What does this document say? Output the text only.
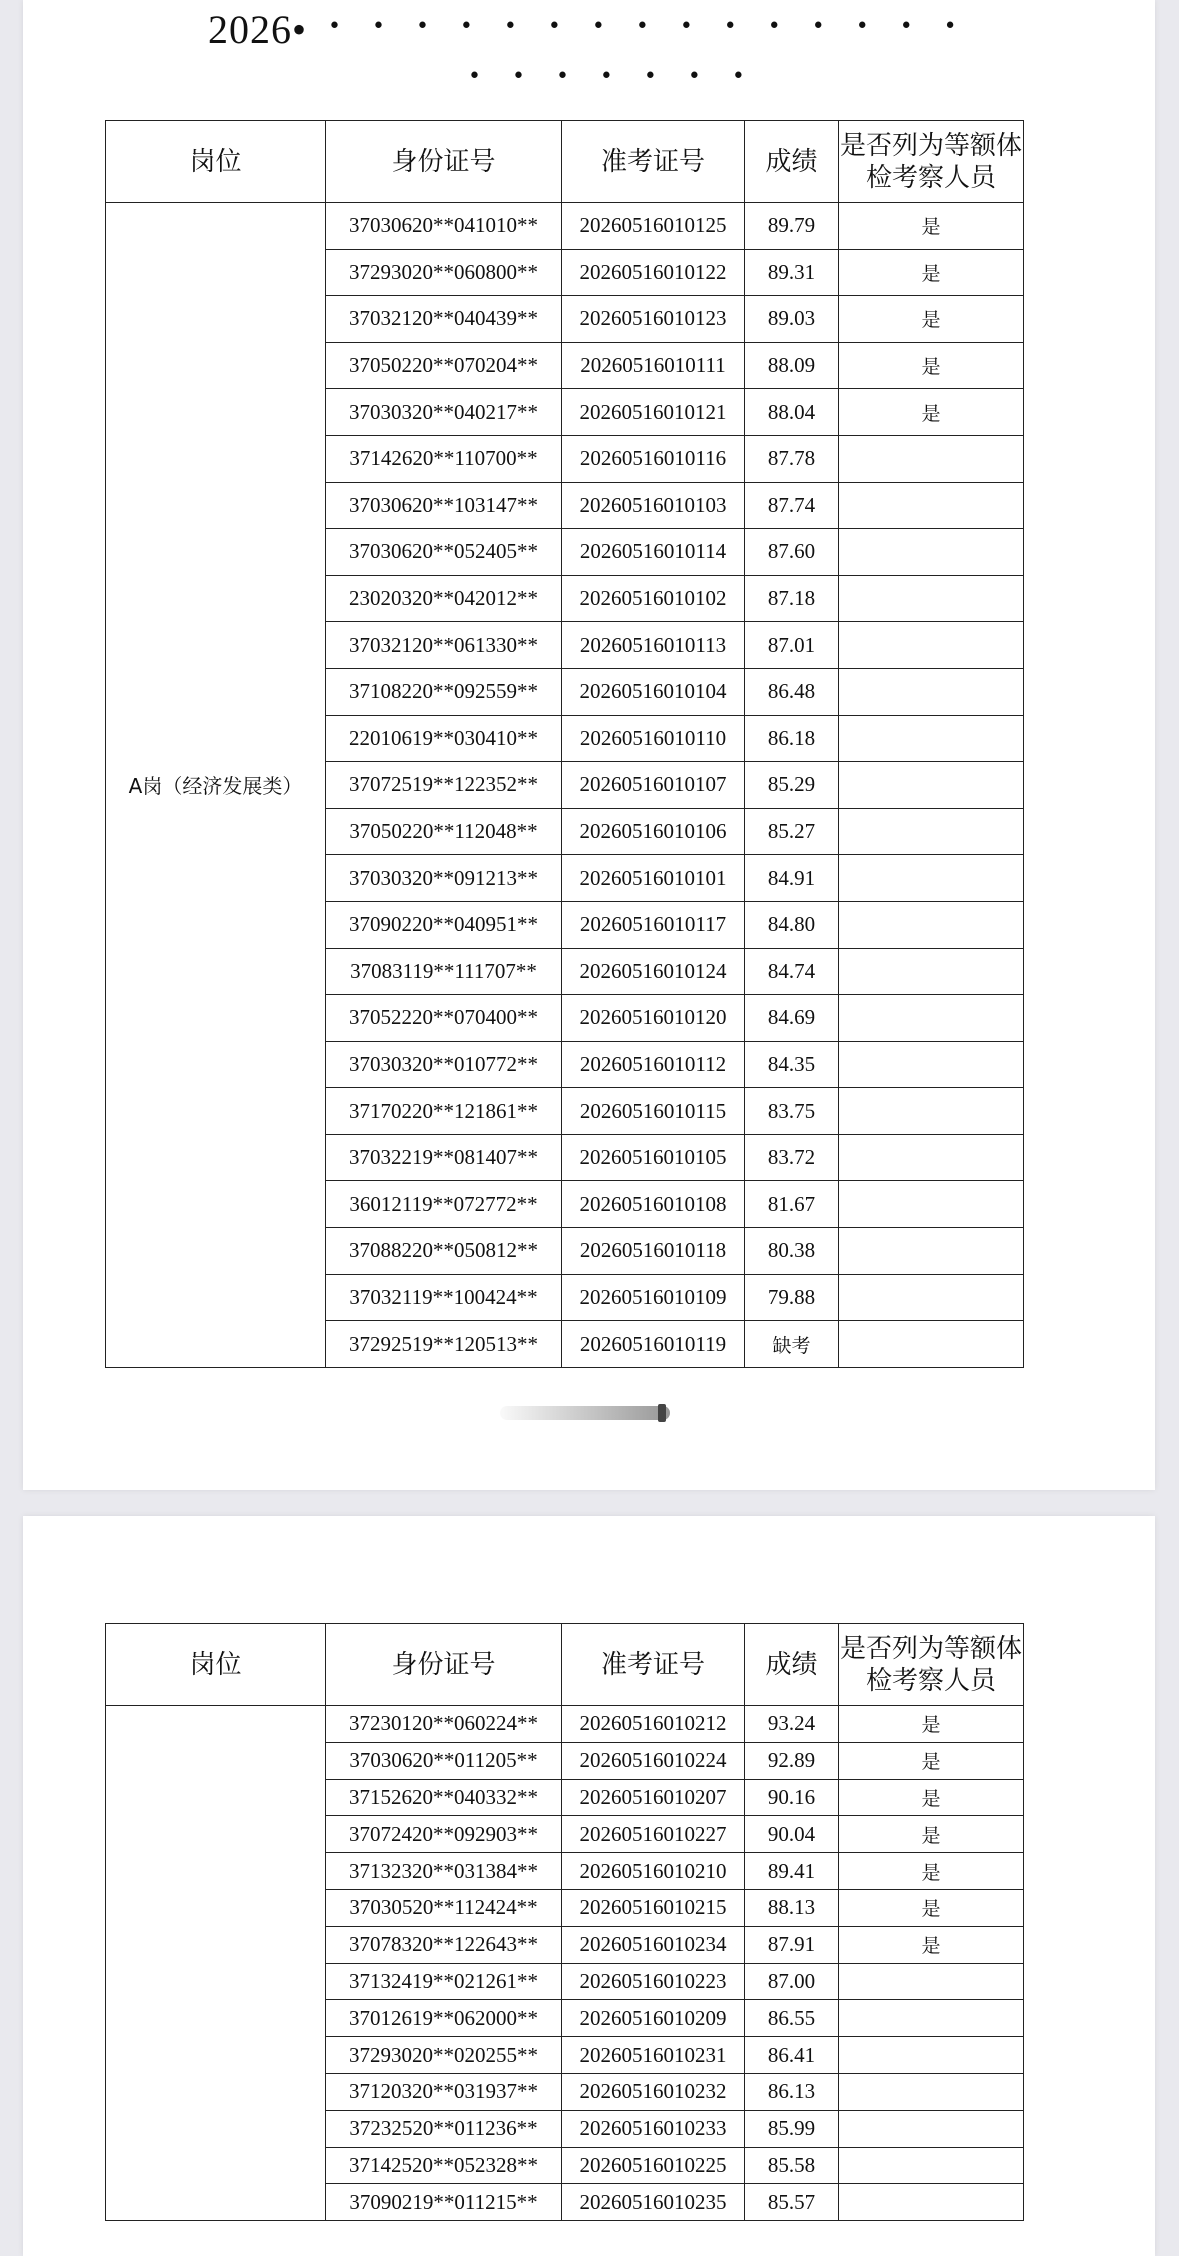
2026• •••••••••••••••
•••••••
岗位	身份证号	准考证号	成绩	是否列为等额体检考察人员
A岗（经济发展类）	37030620**041010**	20260516010125	89.79	是
	37293020**060800**	20260516010122	89.31	是
	37032120**040439**	20260516010123	89.03	是
	37050220**070204**	20260516010111	88.09	是
	37030320**040217**	20260516010121	88.04	是
	37142620**110700**	20260516010116	87.78	
	37030620**103147**	20260516010103	87.74	
	37030620**052405**	20260516010114	87.60	
	23020320**042012**	20260516010102	87.18	
	37032120**061330**	20260516010113	87.01	
	37108220**092559**	20260516010104	86.48	
	22010619**030410**	20260516010110	86.18	
	37072519**122352**	20260516010107	85.29	
	37050220**112048**	20260516010106	85.27	
	37030320**091213**	20260516010101	84.91	
	37090220**040951**	20260516010117	84.80	
	37083119**111707**	20260516010124	84.74	
	37052220**070400**	20260516010120	84.69	
	37030320**010772**	20260516010112	84.35	
	37170220**121861**	20260516010115	83.75	
	37032219**081407**	20260516010105	83.72	
	36012119**072772**	20260516010108	81.67	
	37088220**050812**	20260516010118	80.38	
	37032119**100424**	20260516010109	79.88	
	37292519**120513**	20260516010119	缺考	
岗位	身份证号	准考证号	成绩	是否列为等额体检考察人员
	37230120**060224**	20260516010212	93.24	是
	37030620**011205**	20260516010224	92.89	是
	37152620**040332**	20260516010207	90.16	是
	37072420**092903**	20260516010227	90.04	是
	37132320**031384**	20260516010210	89.41	是
	37030520**112424**	20260516010215	88.13	是
	37078320**122643**	20260516010234	87.91	是
	37132419**021261**	20260516010223	87.00	
	37012619**062000**	20260516010209	86.55	
	37293020**020255**	20260516010231	86.41	
	37120320**031937**	20260516010232	86.13	
	37232520**011236**	20260516010233	85.99	
	37142520**052328**	20260516010225	85.58	
	37090219**011215**	20260516010235	85.57	
